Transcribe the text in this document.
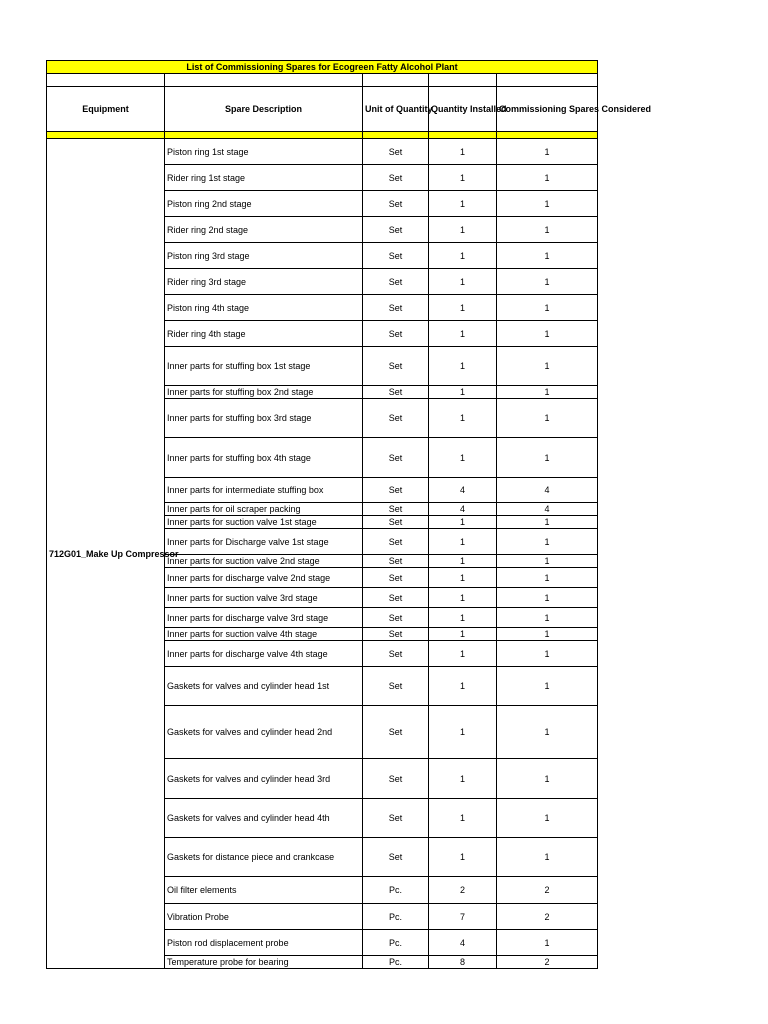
List of Commissioning Spares for Ecogreen Fatty Alcohol Plant				

Equipment	Spare Description	Unit of Quantity	Quantity Installed	Commissioning Spares Considered

712G01_Make Up Compressor	Piston ring 1st stage	Set	1	1
	Rider ring 1st stage	Set	1	1
	Piston ring 2nd stage	Set	1	1
	Rider ring 2nd stage	Set	1	1
	Piston ring 3rd stage	Set	1	1
	Rider ring 3rd stage	Set	1	1
	Piston ring 4th stage	Set	1	1
	Rider ring 4th stage	Set	1	1
	Inner parts for stuffing box 1st stage	Set	1	1
	Inner parts for stuffing box 2nd stage	Set	1	1
	Inner parts for stuffing box 3rd stage	Set	1	1
	Inner parts for stuffing box 4th stage	Set	1	1
	Inner parts for intermediate stuffing box	Set	4	4
	Inner parts for oil scraper packing	Set	4	4
	Inner parts for suction valve 1st stage	Set	1	1
	Inner parts for Discharge valve 1st stage	Set	1	1
	Inner parts for suction valve 2nd stage	Set	1	1
	Inner parts for discharge valve 2nd stage	Set	1	1
	Inner parts for suction valve 3rd stage	Set	1	1
	Inner parts for discharge valve 3rd stage	Set	1	1
	Inner parts for suction valve 4th stage	Set	1	1
	Inner parts for discharge valve 4th stage	Set	1	1
	Gaskets for valves and cylinder head 1st	Set	1	1
	Gaskets for valves and cylinder head 2nd	Set	1	1
	Gaskets for valves and cylinder head 3rd	Set	1	1
	Gaskets for valves and cylinder head 4th	Set	1	1
	Gaskets for distance piece and crankcase	Set	1	1
	Oil filter elements	Pc.	2	2
	Vibration Probe	Pc.	7	2
	Piston rod displacement probe	Pc.	4	1
	Temperature probe for bearing	Pc.	8	2
